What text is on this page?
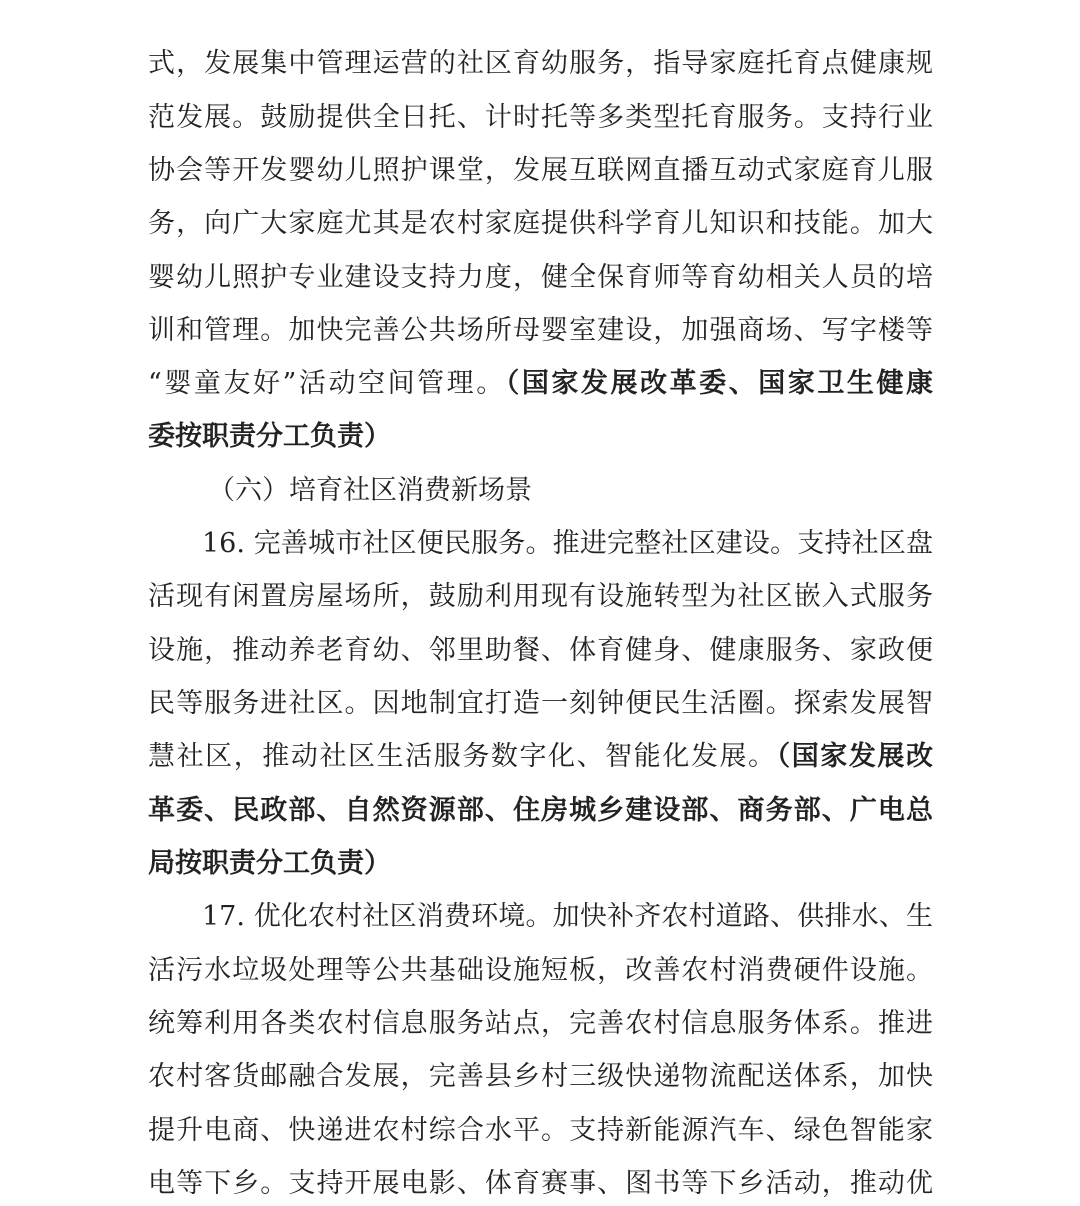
式，发展集中管理运营的社区育幼服务，指导家庭托育点健康规
范发展。鼓励提供全日托、计时托等多类型托育服务。支持行业
协会等开发婴幼儿照护课堂，发展互联网直播互动式家庭育儿服
务，向广大家庭尤其是农村家庭提供科学育儿知识和技能。加大
婴幼儿照护专业建设支持力度，健全保育师等育幼相关人员的培
训和管理。加快完善公共场所母婴室建设，加强商场、写字楼等
“婴童友好”活动空间管理。（国家发展改革委、国家卫生健康
委按职责分工负责）
（六）培育社区消费新场景
16. 完善城市社区便民服务。推进完整社区建设。支持社区盘
活现有闲置房屋场所，鼓励利用现有设施转型为社区嵌入式服务
设施，推动养老育幼、邻里助餐、体育健身、健康服务、家政便
民等服务进社区。因地制宜打造一刻钟便民生活圈。探索发展智
慧社区，推动社区生活服务数字化、智能化发展。（国家发展改
革委、民政部、自然资源部、住房城乡建设部、商务部、广电总
局按职责分工负责）
17. 优化农村社区消费环境。加快补齐农村道路、供排水、生
活污水垃圾处理等公共基础设施短板，改善农村消费硬件设施。
统筹利用各类农村信息服务站点，完善农村信息服务体系。推进
农村客货邮融合发展，完善县乡村三级快递物流配送体系，加快
提升电商、快递进农村综合水平。支持新能源汽车、绿色智能家
电等下乡。支持开展电影、体育赛事、图书等下乡活动，推动优
